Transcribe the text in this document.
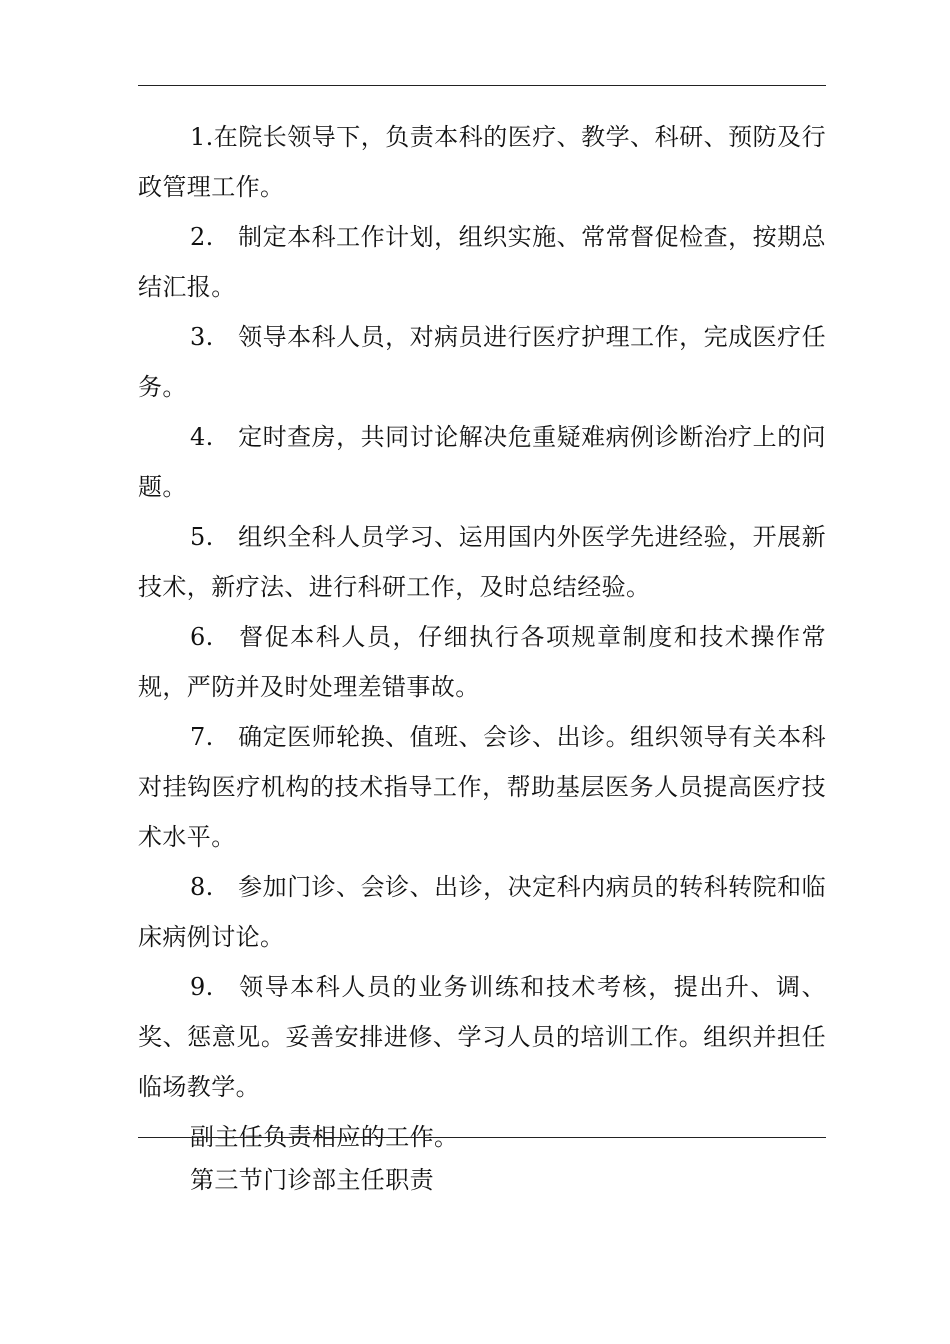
1.在院长领导下，负责本科的医疗、教学、科研、预防及行政管理工作。

2. 制定本科工作计划，组织实施、常常督促检查，按期总结汇报。

3. 领导本科人员，对病员进行医疗护理工作，完成医疗任务。

4. 定时查房，共同讨论解决危重疑难病例诊断治疗上的问题。

5. 组织全科人员学习、运用国内外医学先进经验，开展新技术，新疗法、进行科研工作，及时总结经验。

6. 督促本科人员，仔细执行各项规章制度和技术操作常规，严防并及时处理差错事故。

7. 确定医师轮换、值班、会诊、出诊。组织领导有关本科对挂钩医疗机构的技术指导工作，帮助基层医务人员提高医疗技术水平。

8. 参加门诊、会诊、出诊，决定科内病员的转科转院和临床病例讨论。

9. 领导本科人员的业务训练和技术考核，提出升、调、奖、惩意见。妥善安排进修、学习人员的培训工作。组织并担任临场教学。

副主任负责相应的工作。

第三节门诊部主任职责
